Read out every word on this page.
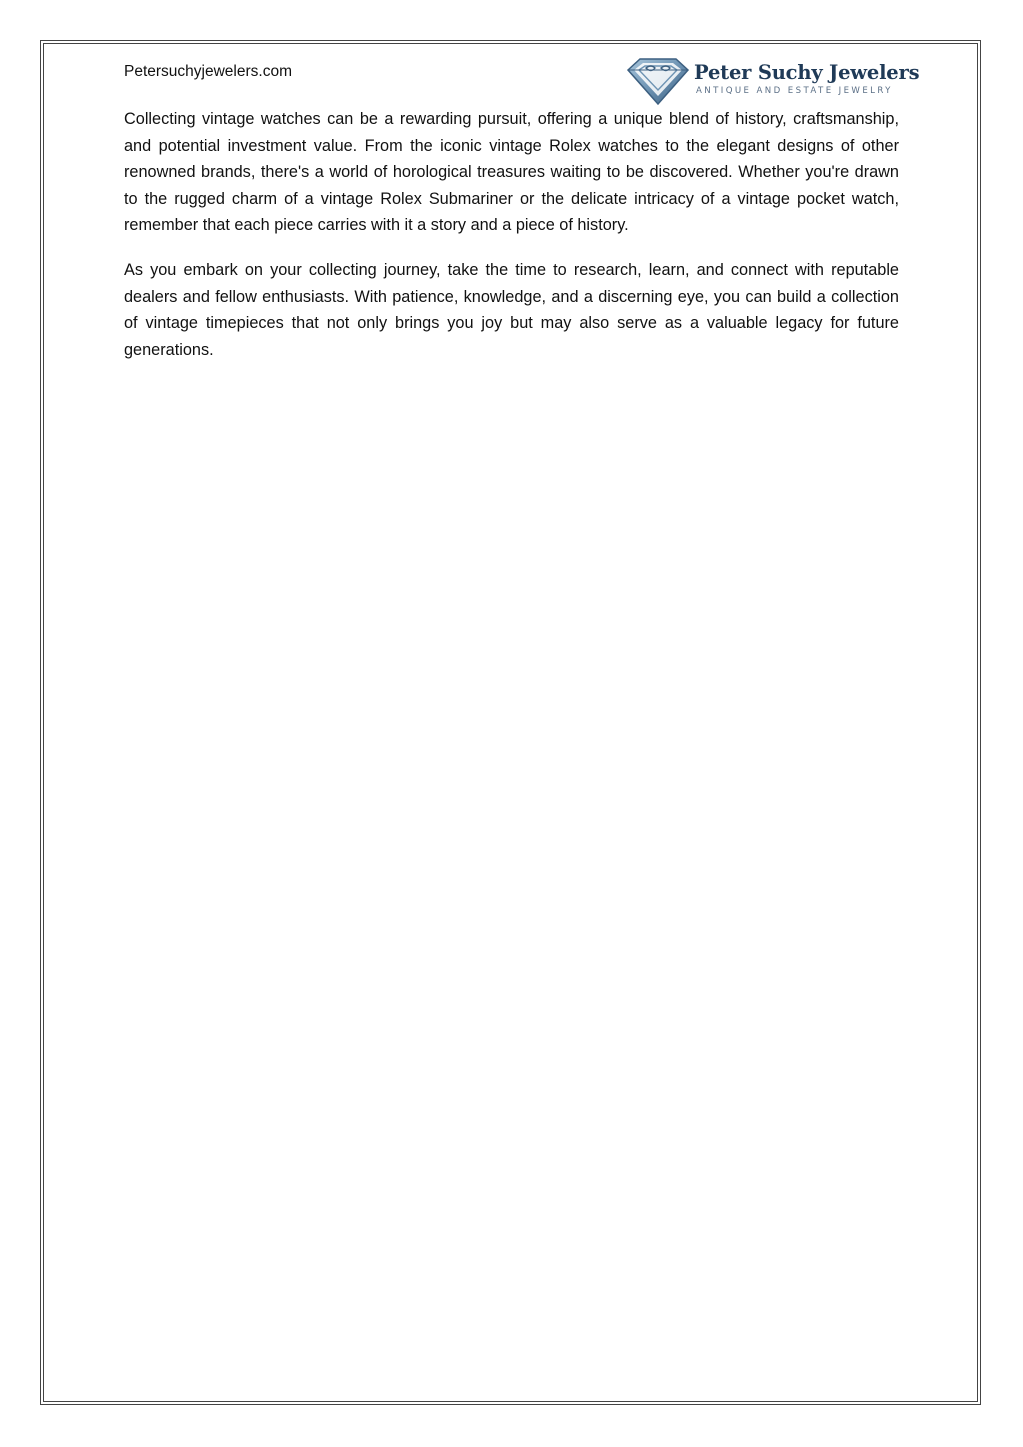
Petersuchyjewelers.com	Peter Suchy Jewelers
ANTIQUE AND ESTATE JEWELRY

Collecting vintage watches can be a rewarding pursuit, offering a unique blend of history, craftsmanship, and potential investment value. From the iconic vintage Rolex watches to the elegant designs of other renowned brands, there's a world of horological treasures waiting to be discovered. Whether you're drawn to the rugged charm of a vintage Rolex Submariner or the delicate intricacy of a vintage pocket watch, remember that each piece carries with it a story and a piece of history.

As you embark on your collecting journey, take the time to research, learn, and connect with reputable dealers and fellow enthusiasts. With patience, knowledge, and a discerning eye, you can build a collection of vintage timepieces that not only brings you joy but may also serve as a valuable legacy for future generations.
